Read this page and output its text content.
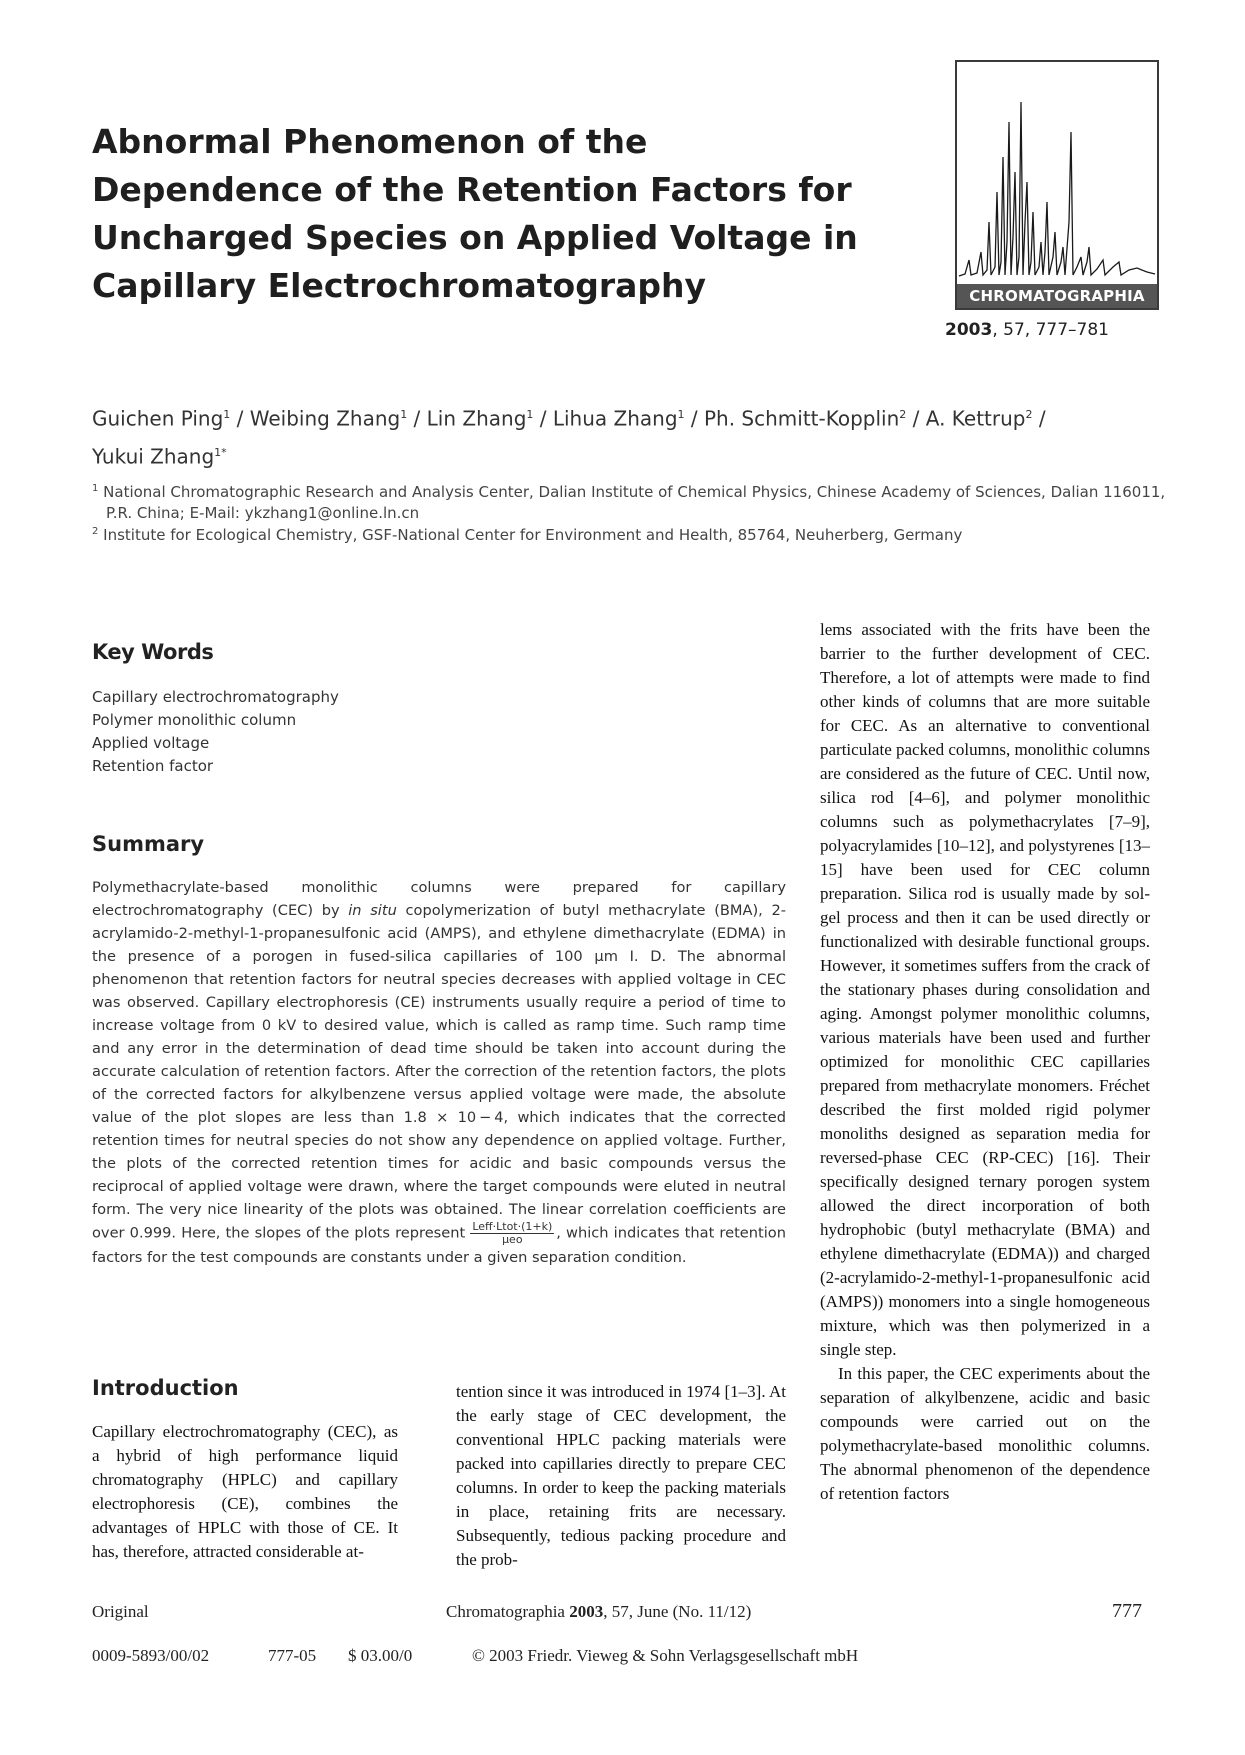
Abnormal Phenomenon of the Dependence of the Retention Factors for Uncharged Species on Applied Voltage in Capillary Electrochromatography	CHROMATOGRAPHIA
2003, 57, 777–781
Guichen Ping$^1$ / Weibing Zhang$^1$ / Lin Zhang$^1$ / Lihua Zhang$^1$ / Ph. Schmitt-Kopplin$^2$ / A. Kettrup$^2$ /
Yukui Zhang$^{1*}$
$^1$ National Chromatographic Research and Analysis Center, Dalian Institute of Chemical Physics, Chinese Academy of Sciences, Dalian 116011,
P.R. China; E-Mail: ykzhang1@online.ln.cn
$^2$ Institute for Ecological Chemistry, GSF-National Center for Environment and Health, 85764, Neuherberg, Germany
Key Words
Capillary electrochromatography
Polymer monolithic column
Applied voltage
Retention factor
Summary
Polymethacrylate-based monolithic columns were prepared for capillary electrochromatography (CEC) by in situ copolymerization of butyl methacrylate (BMA), 2-acrylamido-2-methyl-1-propanesulfonic acid (AMPS), and ethylene dimethacrylate (EDMA) in the presence of a porogen in fused-silica capillaries of 100 µm I. D. The abnormal phenomenon that retention factors for neutral species decreases with applied voltage in CEC was observed. Capillary electrophoresis (CE) instruments usually require a period of time to increase voltage from 0 kV to desired value, which is called as ramp time. Such ramp time and any error in the determination of dead time should be taken into account during the accurate calculation of retention factors. After the correction of the retention factors, the plots of the corrected factors for alkylbenzene versus applied voltage were made, the absolute value of the plot slopes are less than 1.8 × 10 − 4, which indicates that the corrected retention times for neutral species do not show any dependence on applied voltage. Further, the plots of the corrected retention times for acidic and basic compounds versus the reciprocal of applied voltage were drawn, where the target compounds were eluted in neutral form. The very nice linearity of the plots was obtained. The linear correlation coefficients are over 0.999. Here, the slopes of the plots represent $\frac{\text{Leff·Ltot·(1+k)}}{\text{µeo}}$ , which indicates that retention factors for the test compounds are constants under a given separation condition.
Introduction

Capillary electrochromatography (CEC), as a hybrid of high performance liquid chromatography (HPLC) and capillary electrophoresis (CE), combines the advantages of HPLC with those of CE. It has, therefore, attracted considerable at-

tention since it was introduced in 1974 [1–3]. At the early stage of CEC development, the conventional HPLC packing materials were packed into capillaries directly to prepare CEC columns. In order to keep the packing materials in place, retaining frits are necessary. Subsequently, tedious packing procedure and the prob-

lems associated with the frits have been the barrier to the further development of CEC. Therefore, a lot of attempts were made to find other kinds of columns that are more suitable for CEC. As an alternative to conventional particulate packed columns, monolithic columns are considered as the future of CEC. Until now, silica rod [4–6], and polymer monolithic columns such as polymethacrylates [7–9], polyacrylamides [10–12], and polystyrenes [13–15] have been used for CEC column preparation. Silica rod is usually made by sol-gel process and then it can be used directly or functionalized with desirable functional groups. However, it sometimes suffers from the crack of the stationary phases during consolidation and aging. Amongst polymer monolithic columns, various materials have been used and further optimized for monolithic CEC capillaries prepared from methacrylate monomers. Fréchet described the first molded rigid polymer monoliths designed as separation media for reversed-phase CEC (RP-CEC) [16]. Their specifically designed ternary porogen system allowed the direct incorporation of both hydrophobic (butyl methacrylate (BMA) and ethylene dimethacrylate (EDMA)) and charged (2-acrylamido-2-methyl-1-propanesulfonic acid (AMPS)) monomers into a single homogeneous mixture, which was then polymerized in a single step.

In this paper, the CEC experiments about the separation of alkylbenzene, acidic and basic compounds were carried out on the polymethacrylate-based monolithic columns. The abnormal phenomenon of the dependence of retention factors

Original	Chromatographia 2003, 57, June (No. 11/12)	777
0009-5893/00/02	777-05 $ 03.00/0	© 2003 Friedr. Vieweg & Sohn Verlagsgesellschaft mbH
